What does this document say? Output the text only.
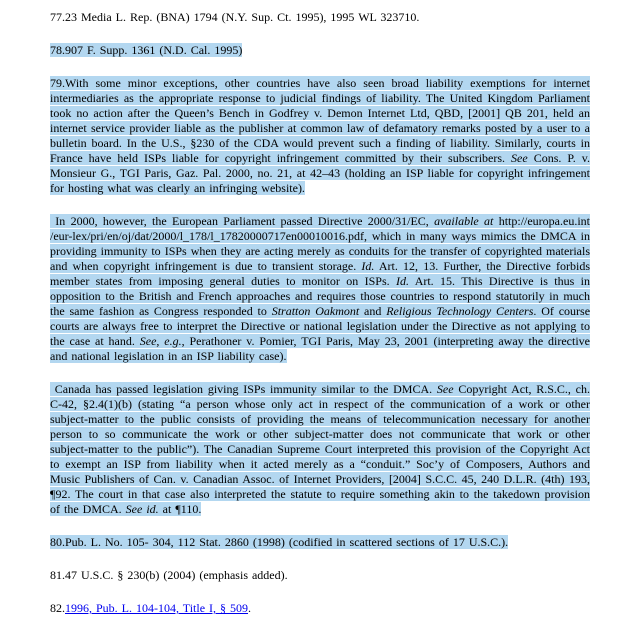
77.23 Media L. Rep. (BNA) 1794 (N.Y. Sup. Ct. 1995), 1995 WL 323710.

78.907 F. Supp. 1361 (N.D. Cal. 1995)

79.With some minor exceptions, other countries have also seen broad liability exemptions for internet intermediaries as the appropriate response to judicial findings of liability. The United Kingdom Parliament took no action after the Queen’s Bench in Godfrey v. Demon Internet Ltd, QBD, [2001] QB 201, held an internet service provider liable as the publisher at common law of defamatory remarks posted by a user to a bulletin board. In the U.S., §230 of the CDA would prevent such a finding of liability. Similarly, courts in France have held ISPs liable for copyright infringement committed by their subscribers. See Cons. P. v. Monsieur G., TGI Paris, Gaz. Pal. 2000, no. 21, at 42–43 (holding an ISP liable for copyright infringement for hosting what was clearly an infringing website).

In 2000, however, the European Parliament passed Directive 2000/31/EC, available at http://europa.eu.int​/eur-lex/pri/en/oj/dat/2000/l_178/l_17820000717en00010016.pdf, which in many ways mimics the DMCA in providing immunity to ISPs when they are acting merely as conduits for the transfer of copyrighted materials and when copyright infringement is due to transient storage. Id. Art. 12, 13. Further, the Directive forbids member states from imposing general duties to monitor on ISPs. Id. Art. 15. This Directive is thus in opposition to the British and French approaches and requires those countries to respond statutorily in much the same fashion as Congress responded to Stratton Oakmont and Religious Technology Centers. Of course courts are always free to interpret the Directive or national legislation under the Directive as not applying to the case at hand. See, e.g., Perathoner v. Pomier, TGI Paris, May 23, 2001 (interpreting away the directive and national legislation in an ISP liability case).

Canada has passed legislation giving ISPs immunity similar to the DMCA. See Copyright Act, R.S.C., ch. C-42, §2.4(1)(b) (stating “a person whose only act in respect of the communication of a work or other subject-matter to the public consists of providing the means of telecommunication necessary for another person to so communicate the work or other subject-matter does not communicate that work or other subject-matter to the public”). The Canadian Supreme Court interpreted this provision of the Copyright Act to exempt an ISP from liability when it acted merely as a “conduit.” Soc’y of Composers, Authors and Music Publishers of Can. v. Canadian Assoc. of Internet Providers, [2004] S.C.C. 45, 240 D.L.R. (4th) 193, ¶92. The court in that case also interpreted the statute to require something akin to the takedown provision of the DMCA. See id. at ¶110.

80.Pub. L. No. 105- 304, 112 Stat. 2860 (1998) (codified in scattered sections of 17 U.S.C.).

81.47 U.S.C. § 230(b) (2004) (emphasis added).

82.1996, Pub. L. 104-104, Title I, § 509.
